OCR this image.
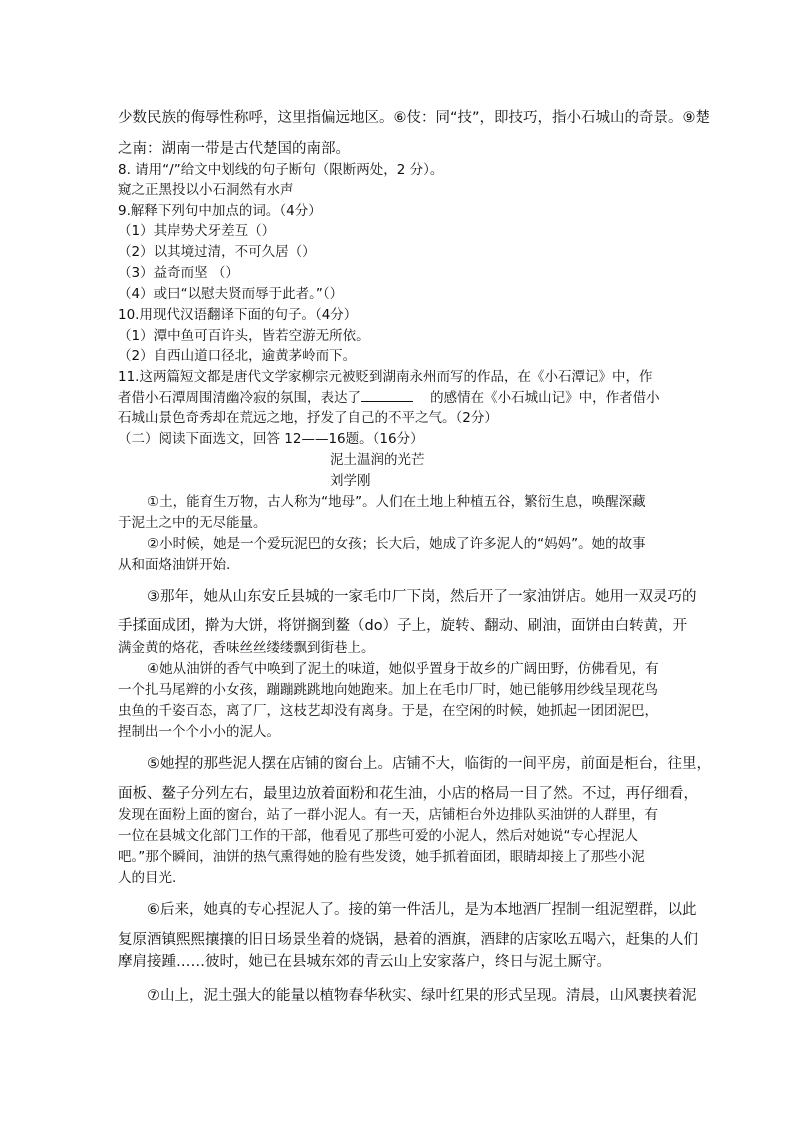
少数民族的侮辱性称呼，这里指偏远地区。⑥伎：同“技”，即技巧，指小石城山的奇景。⑨楚
之南：湖南一带是古代楚国的南部。
8. 请用“/”给文中划线的句子断句（限断两处，2 分）。
窥之正黑投以小石洞然有水声
9.解释下列句中加点的词。（4分）
（1）其岸势犬牙差互（）
（2）以其境过清，不可久居（）
（3）益奇而坚 （）
（4）或曰“以慰夫贤而辱于此者。”（）
10.用现代汉语翻译下面的句子。（4分）
（1）潭中鱼可百许头，皆若空游无所依。
（2）自西山道口径北，逾黄茅岭而下。
11.这两篇短文都是唐代文学家柳宗元被贬到湖南永州而写的作品，在《小石潭记》中，作
者借小石潭周围清幽冷寂的氛围，表达了	的感情在《小石城山记》中，作者借小
石城山景色奇秀却在荒远之地，抒发了自己的不平之气。（2分）
（二）阅读下面选文，回答 12——16题。（16分）
泥土温润的光芒
刘学刚
①土，能育生万物，古人称为“地母”。人们在土地上种植五谷，繁衍生息，唤醒深藏
于泥土之中的无尽能量。
②小时候，她是一个爱玩泥巴的女孩；长大后，她成了许多泥人的“妈妈”。她的故事
从和面烙油饼开始.
③那年，她从山东安丘县城的一家毛巾厂下岗，然后开了一家油饼店。她用一双灵巧的
手揉面成团，擀为大饼，将饼搁到鳌（do）子上，旋转、翻动、刷油，面饼由白转黄，开
满金黄的烙花，香味丝丝缕缕飘到街巷上。
④她从油饼的香气中唤到了泥土的味道，她似乎置身于故乡的广阔田野，仿佛看见，有
一个扎马尾辫的小女孩，蹦蹦跳跳地向她跑来。加上在毛巾厂时，她已能够用纱线呈现花鸟
虫鱼的千姿百态，离了厂，这枝艺却没有离身。于是，在空闲的时候，她抓起一团团泥巴，
捏制出一个个小小的泥人。
⑤她捏的那些泥人摆在店铺的窗台上。店铺不大，临街的一间平房，前面是柜台，往里，
面板、鳌子分列左右，最里边放着面粉和花生油，小店的格局一目了然。不过，再仔细看，
发现在面粉上面的窗台，站了一群小泥人。有一天，店铺柜台外边排队买油饼的人群里，有
一位在县城文化部门工作的干部，他看见了那些可爱的小泥人，然后对她说“专心捏泥人
吧。”那个瞬间，油饼的热气熏得她的脸有些发烫，她手抓着面团，眼睛却接上了那些小泥
人的目光.
⑥后来，她真的专心捏泥人了。接的第一件活儿，是为本地酒厂捏制一组泥塑群，以此
复原酒镇熙熙攘攘的旧日场景坐着的烧锅，悬着的酒旗，酒肆的店家吆五喝六，赶集的人们
摩肩接踵……彼时，她已在县城东郊的青云山上安家落户，终日与泥土厮守。
⑦山上，泥土强大的能量以植物春华秋实、绿叶红果的形式呈现。清晨，山风裹挟着泥
